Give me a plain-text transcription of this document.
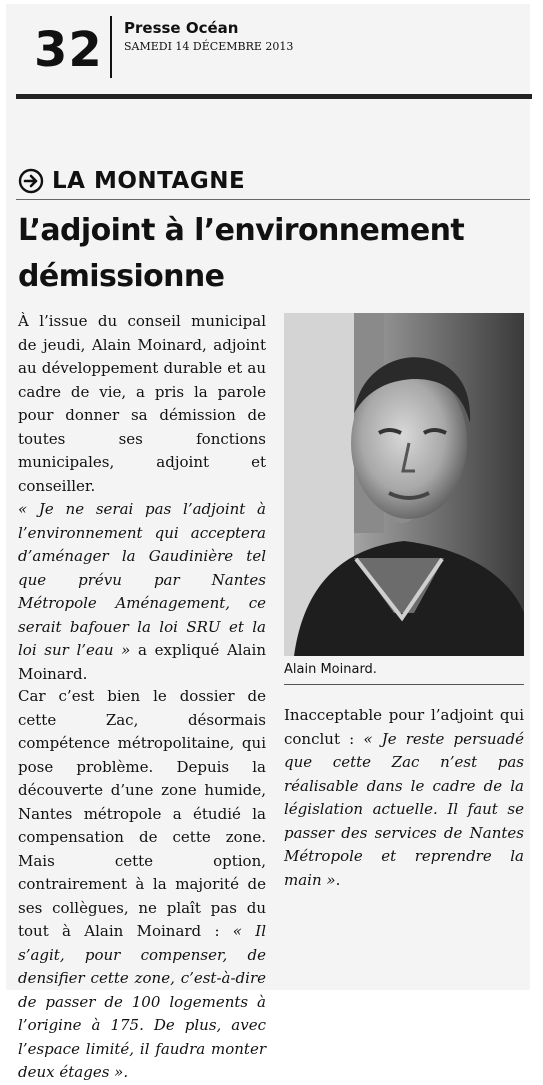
32 Presse Océan
SAMEDI 14 DÉCEMBRE 2013
LA MONTAGNE
L’adjoint à l’environnement
démissionne

À l’issue du conseil municipal de jeudi, Alain Moinard, adjoint au développement durable et au cadre de vie, a pris la parole pour donner sa démission de toutes ses fonctions municipales, adjoint et conseiller.
« Je ne serai pas l’adjoint à l’environnement qui acceptera d’aménager la Gaudinière tel que prévu par Nantes Métropole Aménagement, ce serait bafouer la loi SRU et la loi sur l’eau » a expliqué Alain Moinard.	Alain Moinard.

Car c’est bien le dossier de cette Zac, désormais compétence métropolitaine, qui pose problème. Depuis la découverte d’une zone humide, Nantes métropole a étudié la compensation de cette zone. Mais cette option, contrairement à la majorité de ses collègues, ne plaît pas du tout à Alain Moinard : « Il s’agit, pour compenser, de densifier cette zone, c’est-à-dire de passer de 100 logements à l’origine à 175. De plus, avec l’espace limité, il faudra monter deux étages ».

Inacceptable pour l’adjoint qui conclut : « Je reste persuadé que cette Zac n’est pas réalisable dans le cadre de la législation actuelle. Il faut se passer des services de Nantes Métropole et reprendre la main ».
